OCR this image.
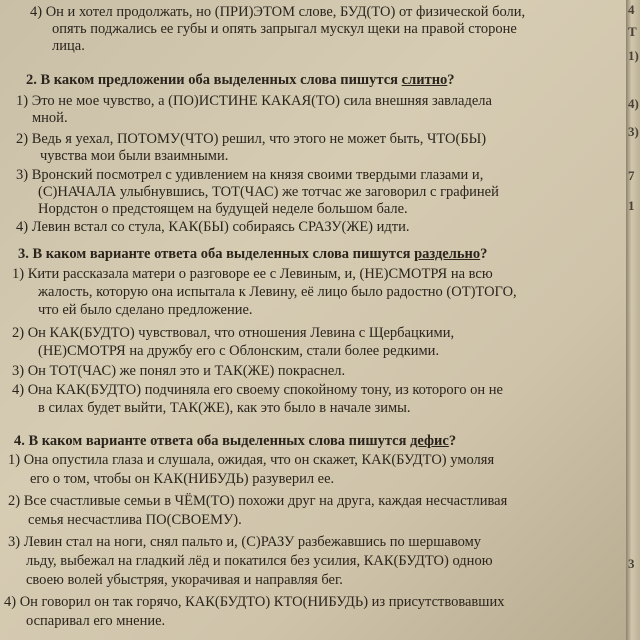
4) Он и хотел продолжать, но (ПРИ)ЭТОМ слове, БУД(ТО) от физической боли,
опять поджались ее губы и опять запрыгал мускул щеки на правой стороне
лица.
2. В каком предложении оба выделенных слова пишутся слитно?
1) Это не мое чувство, а (ПО)ИСТИНЕ КАКАЯ(ТО) сила внешняя завладела
мной.
2) Ведь я уехал, ПОТОМУ(ЧТО) решил, что этого не может быть, ЧТО(БЫ)
чувства мои были взаимными.
3) Вронский посмотрел с удивлением на князя своими твердыми глазами и,
(С)НАЧАЛА улыбнувшись, ТОТ(ЧАС) же тотчас же заговорил с графиней
Нордстон о предстоящем на будущей неделе большом бале.
4) Левин встал со стула, КАК(БЫ) собираясь СРАЗУ(ЖЕ) идти.
3. В каком варианте ответа оба выделенных слова пишутся раздельно?
1) Кити рассказала матери о разговоре ее с Левиным, и, (НЕ)СМОТРЯ на всю
жалость, которую она испытала к Левину, её лицо было радостно (ОТ)ТОГО,
что ей было сделано предложение.
2) Он КАК(БУДТО) чувствовал, что отношения Левина с Щербацкими,
(НЕ)СМОТРЯ на дружбу его с Облонским, стали более редкими.
3) Он ТОТ(ЧАС) же понял это и ТАК(ЖЕ) покраснел.
4) Она КАК(БУДТО) подчиняла его своему спокойному тону, из которого он не
в силах будет выйти, ТАК(ЖЕ), как это было в начале зимы.
4. В каком варианте ответа оба выделенных слова пишутся дефис?
1) Она опустила глаза и слушала, ожидая, что он скажет, КАК(БУДТО) умоляя
его о том, чтобы он КАК(НИБУДЬ) разуверил ее.
2) Все счастливые семьи в ЧЁМ(ТО) похожи друг на друга, каждая несчастливая
семья несчастлива ПО(СВОЕМУ).
3) Левин стал на ноги, снял пальто и, (С)РАЗУ разбежавшись по шершавому
льду, выбежал на гладкий лёд и покатился без усилия, КАК(БУДТО) одною
своею волей убыстряя, укорачивая и направляя бег.
4) Он говорил он так горячо, КАК(БУДТО) КТО(НИБУДЬ) из присутствовавших
оспаривал его мнение.
4
Т
1)
4)
3)
7
1
3
